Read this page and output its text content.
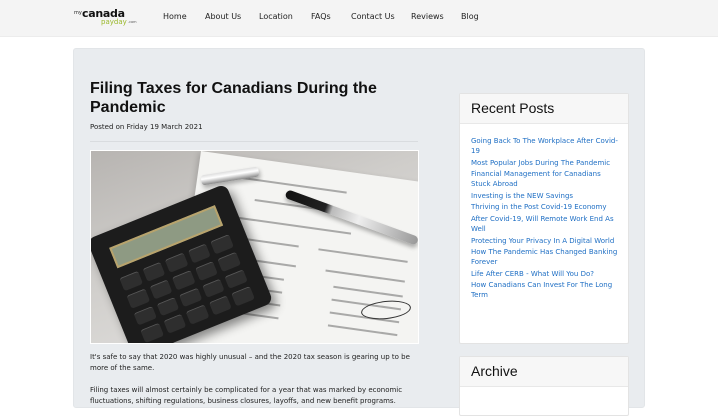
my canada
payday .com
Home About Us Location FAQs	Contact Us Reviews Blog
Filing Taxes for Canadians During the Pandemic
Posted on Friday 19 March 2021

It's safe to say that 2020 was highly unusual – and the 2020 tax season is gearing up to be more of the same.

Filing taxes will almost certainly be complicated for a year that was marked by economic fluctuations, shifting regulations, business closures, layoffs, and new benefit programs.

Recent Posts
Going Back To The Workplace After Covid-19
Most Popular Jobs During The Pandemic
Financial Management for Canadians Stuck Abroad
Investing is the NEW Savings
Thriving in the Post Covid-19 Economy
After Covid-19, Will Remote Work End As Well
Protecting Your Privacy In A Digital World
How The Pandemic Has Changed Banking Forever
Life After CERB - What Will You Do?
How Canadians Can Invest For The Long Term
Archive
